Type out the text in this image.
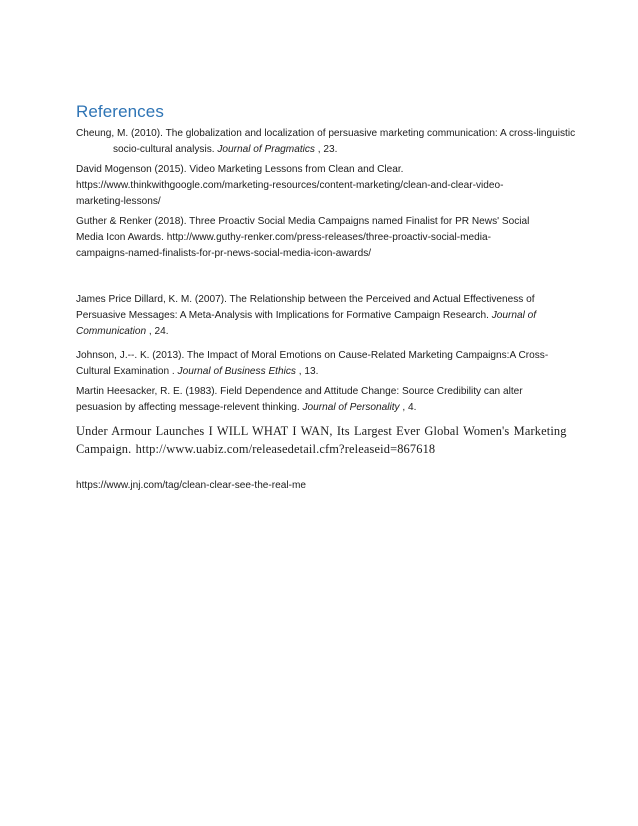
References

Cheung, M. (2010). The globalization and localization of persuasive marketing communication: A cross-linguistic socio-cultural analysis. Journal of Pragmatics , 23.

David Mogenson (2015). Video Marketing Lessons from Clean and Clear.
https://www.thinkwithgoogle.com/marketing-resources/content-marketing/clean-and-clear-video-
marketing-lessons/

Guther & Renker (2018). Three Proactiv Social Media Campaigns named Finalist for PR News' Social
Media Icon Awards. http://www.guthy-renker.com/press-releases/three-proactiv-social-media-
campaigns-named-finalists-for-pr-news-social-media-icon-awards/

James Price Dillard, K. M. (2007). The Relationship between the Perceived and Actual Effectiveness of
Persuasive Messages: A Meta-Analysis with Implications for Formative Campaign Research. Journal of
Communication , 24.

Johnson, J.--. K. (2013). The Impact of Moral Emotions on Cause-Related Marketing Campaigns:A Cross-
Cultural Examination . Journal of Business Ethics , 13.

Martin Heesacker, R. E. (1983). Field Dependence and Attitude Change: Source Credibility can alter
pesuasion by affecting message-relevent thinking. Journal of Personality , 4.

Under Armour Launches I WILL WHAT I WAN, Its Largest Ever Global Women's Marketing
Campaign. http://www.uabiz.com/releasedetail.cfm?releaseid=867618

https://www.jnj.com/tag/clean-clear-see-the-real-me
